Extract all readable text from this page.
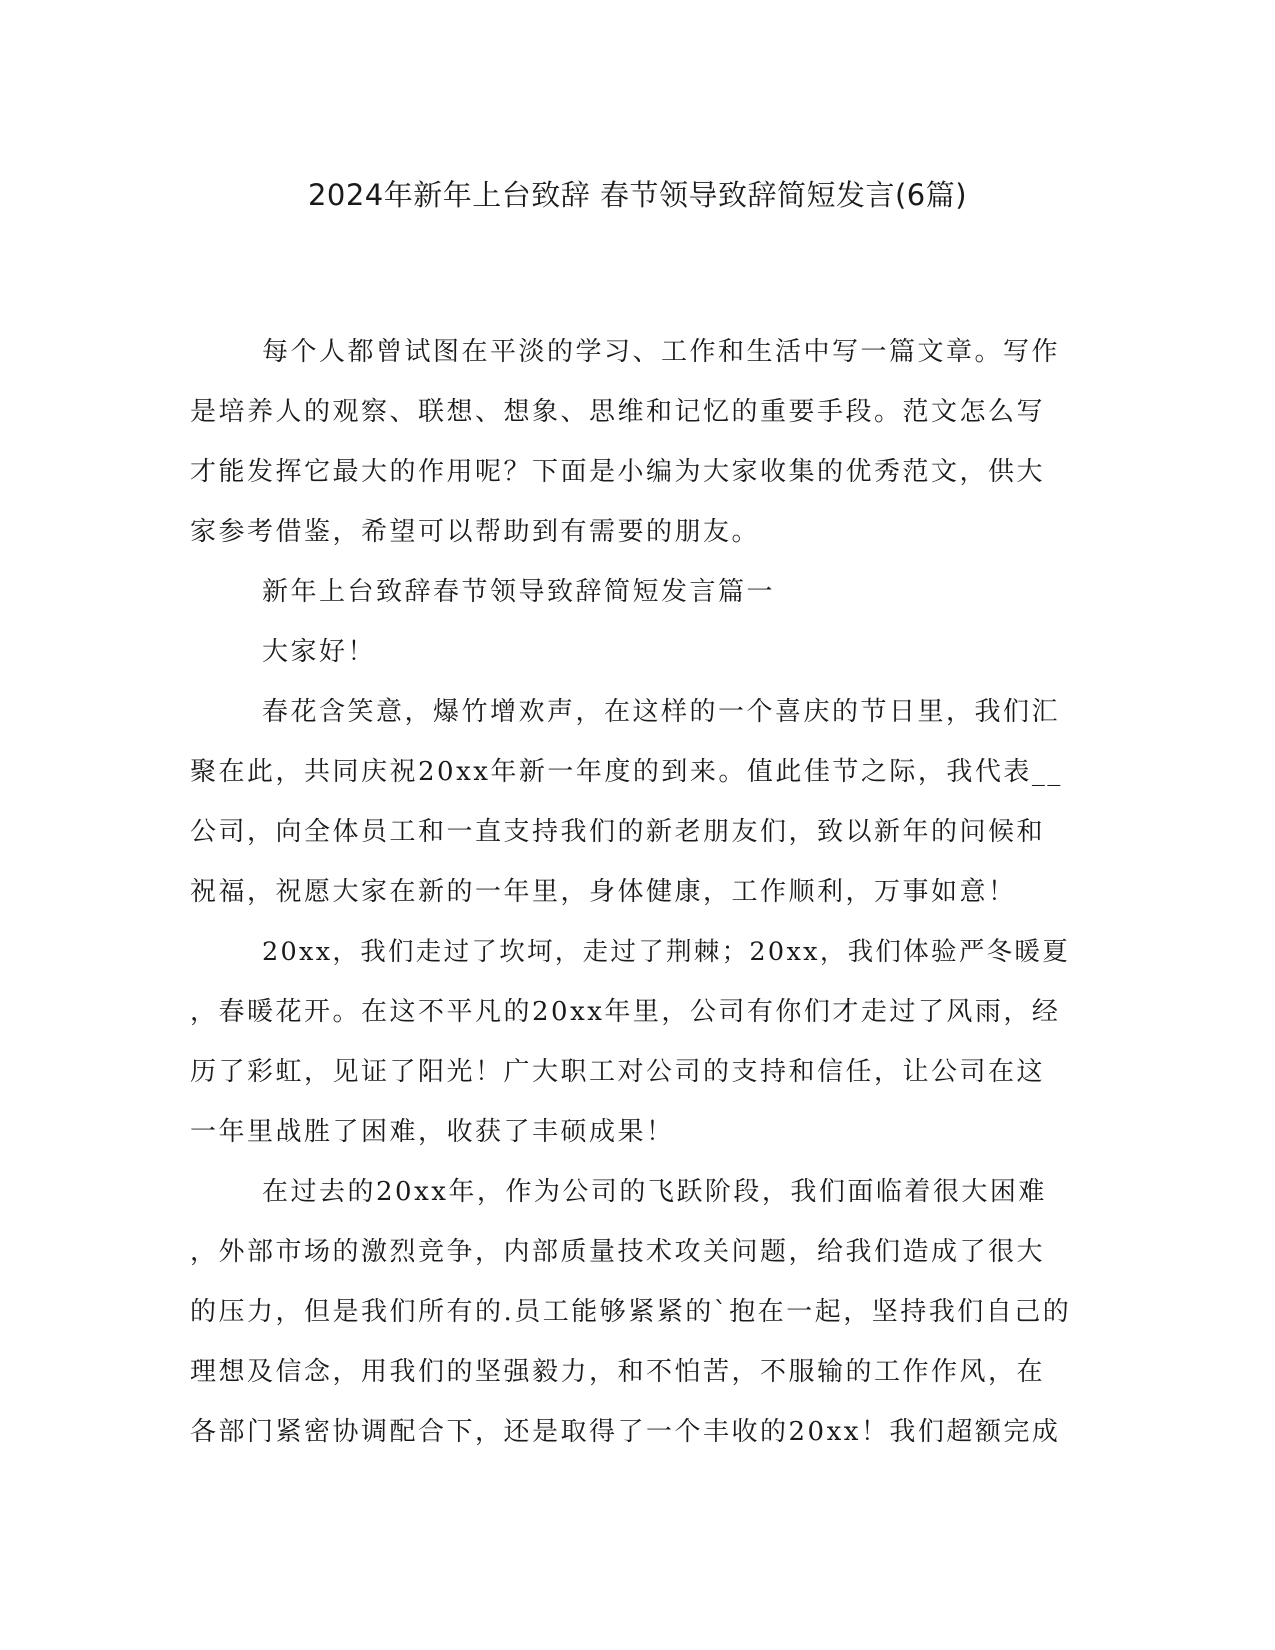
2024年新年上台致辞 春节领导致辞简短发言(6篇)
每个人都曾试图在平淡的学习、工作和生活中写一篇文章。写作
是培养人的观察、联想、想象、思维和记忆的重要手段。范文怎么写
才能发挥它最大的作用呢？下面是小编为大家收集的优秀范文，供大
家参考借鉴，希望可以帮助到有需要的朋友。
新年上台致辞春节领导致辞简短发言篇一
大家好！
春花含笑意，爆竹增欢声，在这样的一个喜庆的节日里，我们汇
聚在此，共同庆祝20xx年新一年度的到来。值此佳节之际，我代表__
公司，向全体员工和一直支持我们的新老朋友们，致以新年的问候和
祝福，祝愿大家在新的一年里，身体健康，工作顺利，万事如意！
20xx，我们走过了坎坷，走过了荆棘；20xx，我们体验严冬暖夏
，春暖花开。在这不平凡的20xx年里，公司有你们才走过了风雨，经
历了彩虹，见证了阳光！广大职工对公司的支持和信任，让公司在这
一年里战胜了困难，收获了丰硕成果！
在过去的20xx年，作为公司的飞跃阶段，我们面临着很大困难
，外部市场的激烈竞争，内部质量技术攻关问题，给我们造成了很大
的压力，但是我们所有的.员工能够紧紧的`抱在一起，坚持我们自己的
理想及信念，用我们的坚强毅力，和不怕苦，不服输的工作作风，在
各部门紧密协调配合下，还是取得了一个丰收的20xx！我们超额完成
